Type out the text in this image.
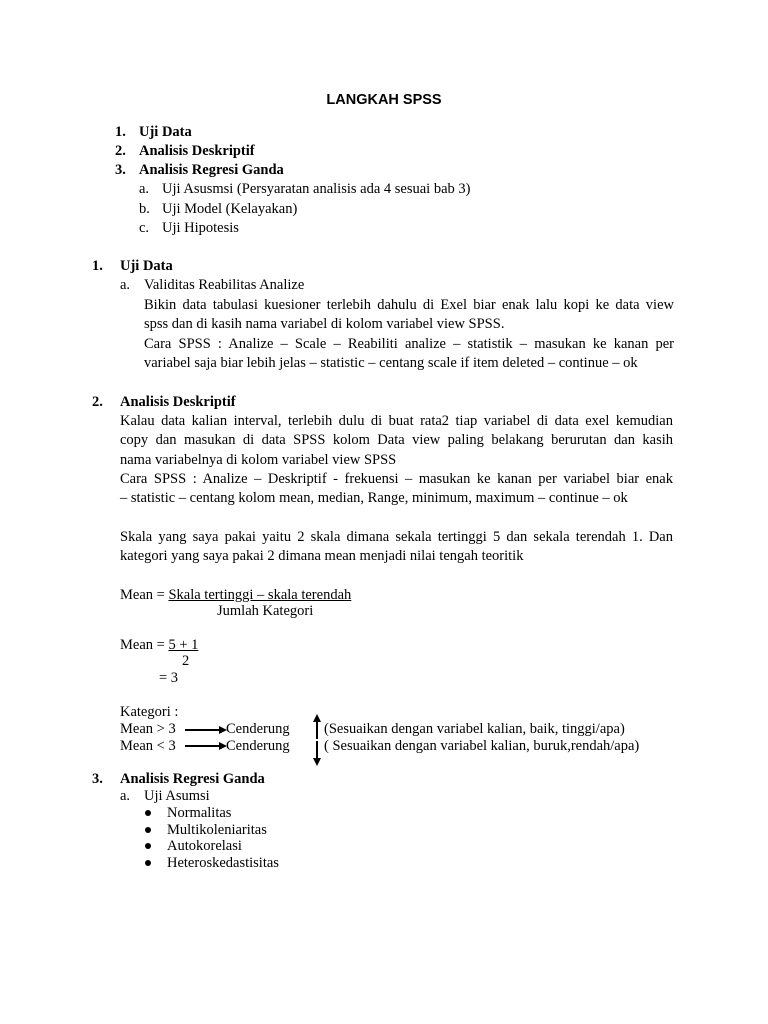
LANGKAH SPSS
1. Uji Data
2. Analisis Deskriptif
3. Analisis Regresi Ganda
a. Uji Asusmsi (Persyaratan analisis ada 4 sesuai bab 3)
b. Uji Model (Kelayakan)
c. Uji Hipotesis
1. Uji Data
a. Validitas Reabilitas Analize
Bikin data tabulasi kuesioner terlebih dahulu di Exel biar enak lalu kopi ke data view
spss dan di kasih nama variabel di kolom variabel view SPSS.
Cara SPSS : Analize – Scale – Reabiliti analize – statistik – masukan ke kanan per
variabel saja biar lebih jelas – statistic – centang scale if item deleted – continue – ok
2. Analisis Deskriptif
Kalau data kalian interval, terlebih dulu di buat rata2 tiap variabel di data exel kemudian
copy dan masukan di data SPSS kolom Data view paling belakang berurutan dan kasih
nama variabelnya di kolom variabel view SPSS
Cara SPSS : Analize – Deskriptif - frekuensi – masukan ke kanan per variabel biar enak
– statistic – centang kolom mean, median, Range, minimum, maximum – continue – ok
Skala yang saya pakai yaitu 2 skala dimana sekala tertinggi 5 dan sekala terendah 1. Dan
kategori yang saya pakai 2 dimana mean menjadi nilai tengah teoritik
Mean = Skala tertinggi – skala terendah
Jumlah Kategori
Mean = 5 + 1
2
= 3
Kategori :
Mean > 3	Cenderung (Sesuaikan dengan variabel kalian, baik, tinggi/apa)
Mean < 3	Cenderung ( Sesuaikan dengan variabel kalian, buruk,rendah/apa)
3. Analisis Regresi Ganda
a. Uji Asumsi
Normalitas
Multikoleniaritas
Autokorelasi
Heteroskedastisitas
